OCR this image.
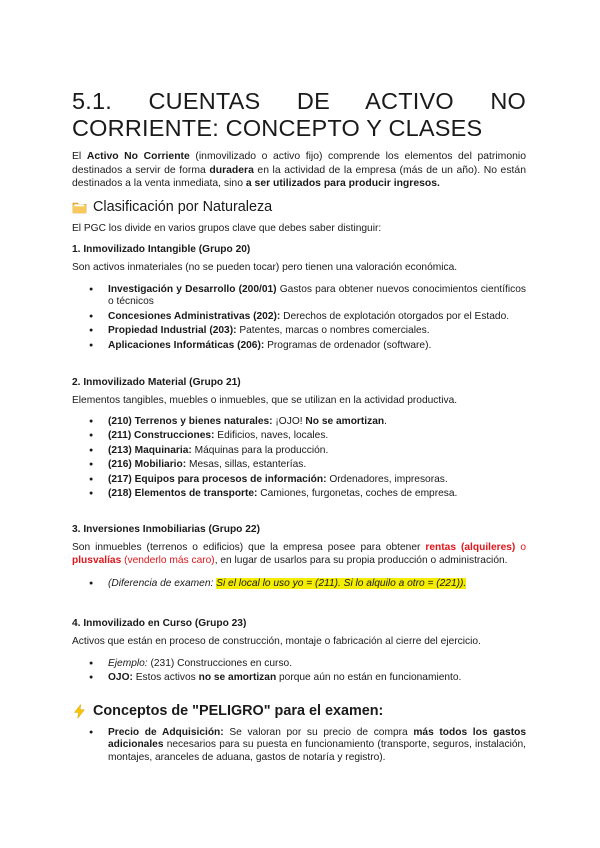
5.1. CUENTAS DE ACTIVO NO
CORRIENTE: CONCEPTO Y CLASES

El Activo No Corriente (inmovilizado o activo fijo) comprende los elementos del patrimonio destinados a servir de forma duradera en la actividad de la empresa (más de un año). No están destinados a la venta inmediata, sino a ser utilizados para producir ingresos.

Clasificación por Naturaleza

El PGC los divide en varios grupos clave que debes saber distinguir:

1. Inmovilizado Intangible (Grupo 20)

Son activos inmateriales (no se pueden tocar) pero tienen una valoración económica.

● Investigación y Desarrollo (200/01) Gastos para obtener nuevos conocimientos científicos o técnicos
● Concesiones Administrativas (202): Derechos de explotación otorgados por el Estado.
● Propiedad Industrial (203): Patentes, marcas o nombres comerciales.
● Aplicaciones Informáticas (206): Programas de ordenador (software).
2. Inmovilizado Material (Grupo 21)

Elementos tangibles, muebles o inmuebles, que se utilizan en la actividad productiva.

● (210) Terrenos y bienes naturales: ¡OJO! No se amortizan.
● (211) Construcciones: Edificios, naves, locales.
● (213) Maquinaria: Máquinas para la producción.
● (216) Mobiliario: Mesas, sillas, estanterías.
● (217) Equipos para procesos de información: Ordenadores, impresoras.
● (218) Elementos de transporte: Camiones, furgonetas, coches de empresa.
3. Inversiones Inmobiliarias (Grupo 22)

Son inmuebles (terrenos o edificios) que la empresa posee para obtener rentas (alquileres) o plusvalías (venderlo más caro), en lugar de usarlos para su propia producción o administración.

● (Diferencia de examen: Si el local lo uso yo = (211). Si lo alquilo a otro = (221)).
4. Inmovilizado en Curso (Grupo 23)

Activos que están en proceso de construcción, montaje o fabricación al cierre del ejercicio.

● Ejemplo: (231) Construcciones en curso.
● OJO: Estos activos no se amortizan porque aún no están en funcionamiento.
Conceptos de "PELIGRO" para el examen:
● Precio de Adquisición: Se valoran por su precio de compra más todos los gastos adicionales necesarios para su puesta en funcionamiento (transporte, seguros, instalación, montajes, aranceles de aduana, gastos de notaría y registro).
